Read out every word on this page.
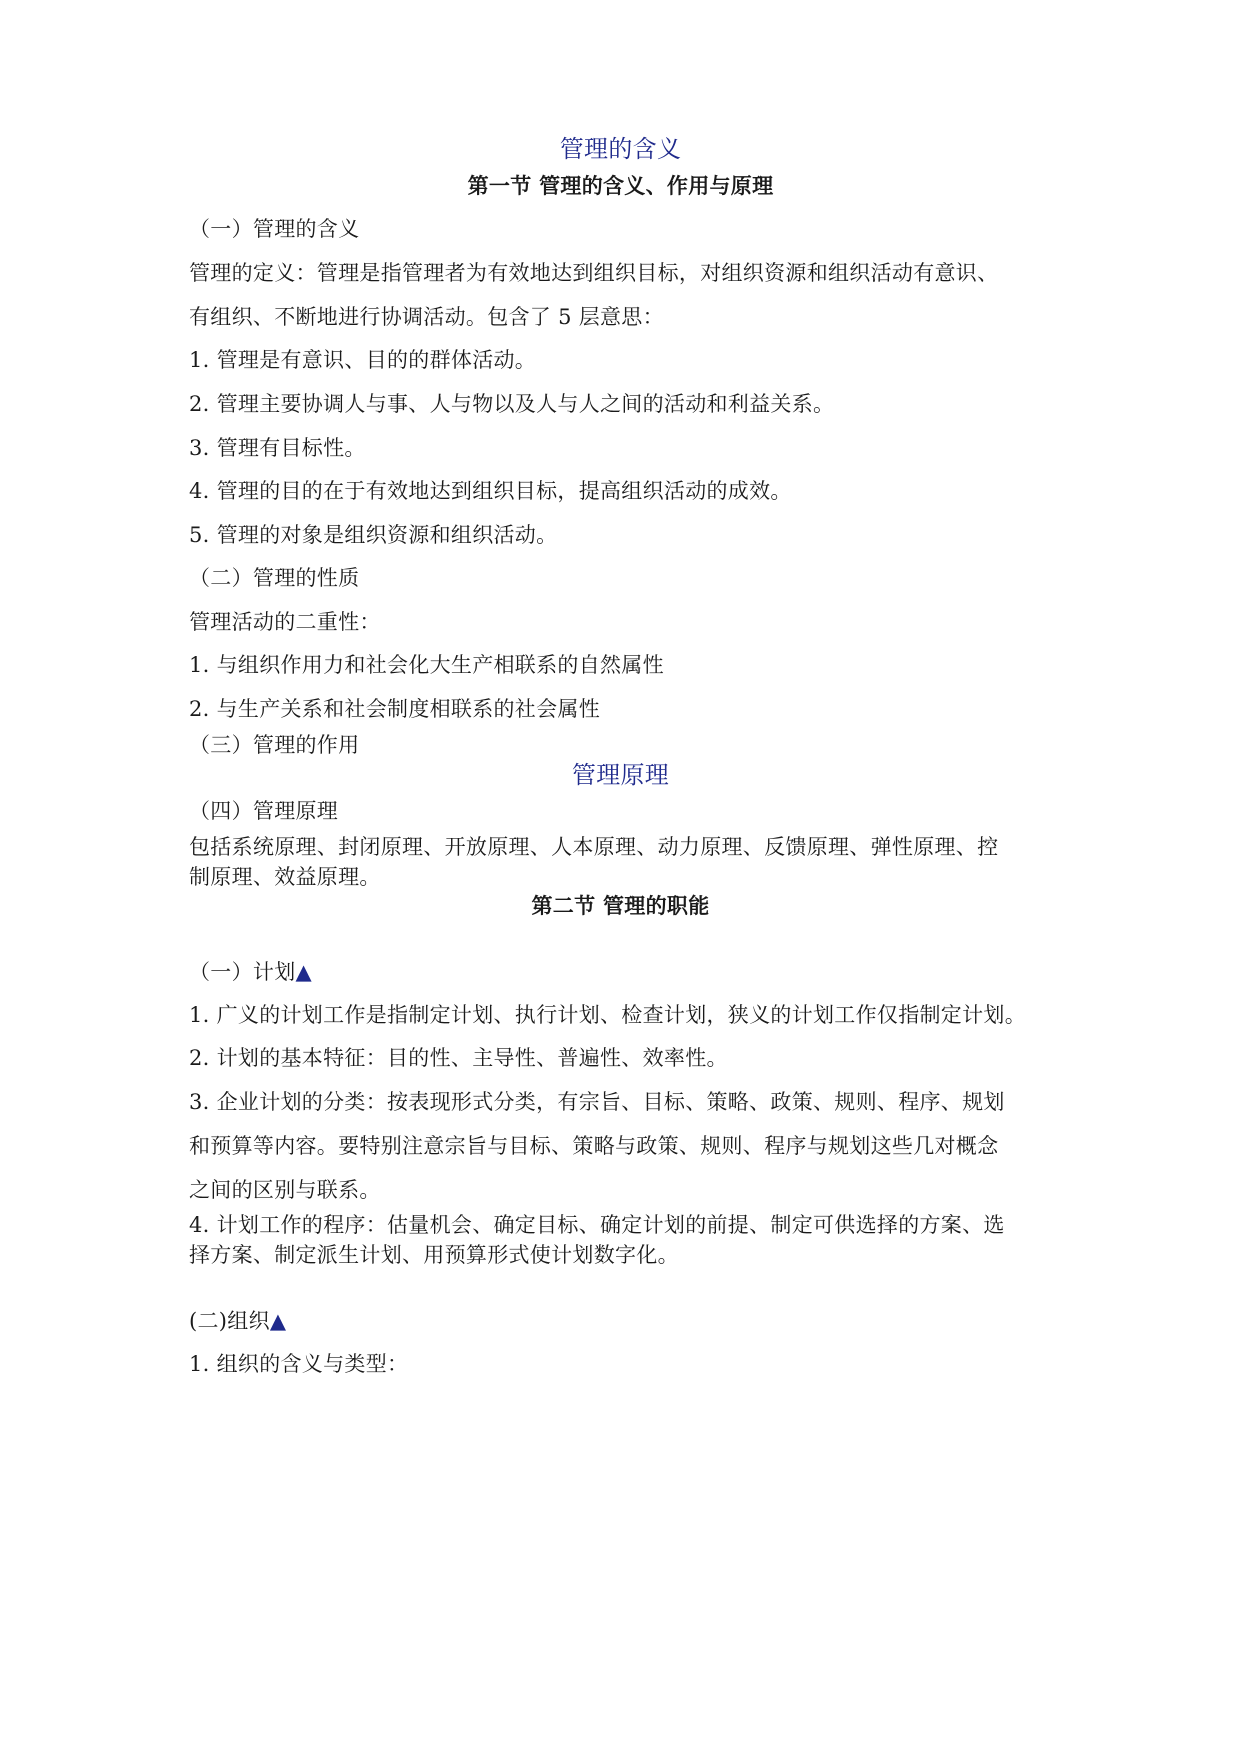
管理的含义
第一节 管理的含义、作用与原理
（一）管理的含义
管理的定义：管理是指管理者为有效地达到组织目标，对组织资源和组织活动有意识、
有组织、不断地进行协调活动。包含了 5 层意思：
1. 管理是有意识、目的的群体活动。
2. 管理主要协调人与事、人与物以及人与人之间的活动和利益关系。
3. 管理有目标性。
4. 管理的目的在于有效地达到组织目标，提高组织活动的成效。
5. 管理的对象是组织资源和组织活动。
（二）管理的性质
管理活动的二重性：
1. 与组织作用力和社会化大生产相联系的自然属性
2. 与生产关系和社会制度相联系的社会属性
（三）管理的作用
管理原理
（四）管理原理
包括系统原理、封闭原理、开放原理、人本原理、动力原理、反馈原理、弹性原理、控
制原理、效益原理。
第二节 管理的职能
（一）计划▲
1. 广义的计划工作是指制定计划、执行计划、检查计划，狭义的计划工作仅指制定计划。
2. 计划的基本特征：目的性、主导性、普遍性、效率性。
3. 企业计划的分类：按表现形式分类，有宗旨、目标、策略、政策、规则、程序、规划
和预算等内容。要特别注意宗旨与目标、策略与政策、规则、程序与规划这些几对概念
之间的区别与联系。
4. 计划工作的程序：估量机会、确定目标、确定计划的前提、制定可供选择的方案、选
择方案、制定派生计划、用预算形式使计划数字化。
(二)组织▲
1. 组织的含义与类型：
